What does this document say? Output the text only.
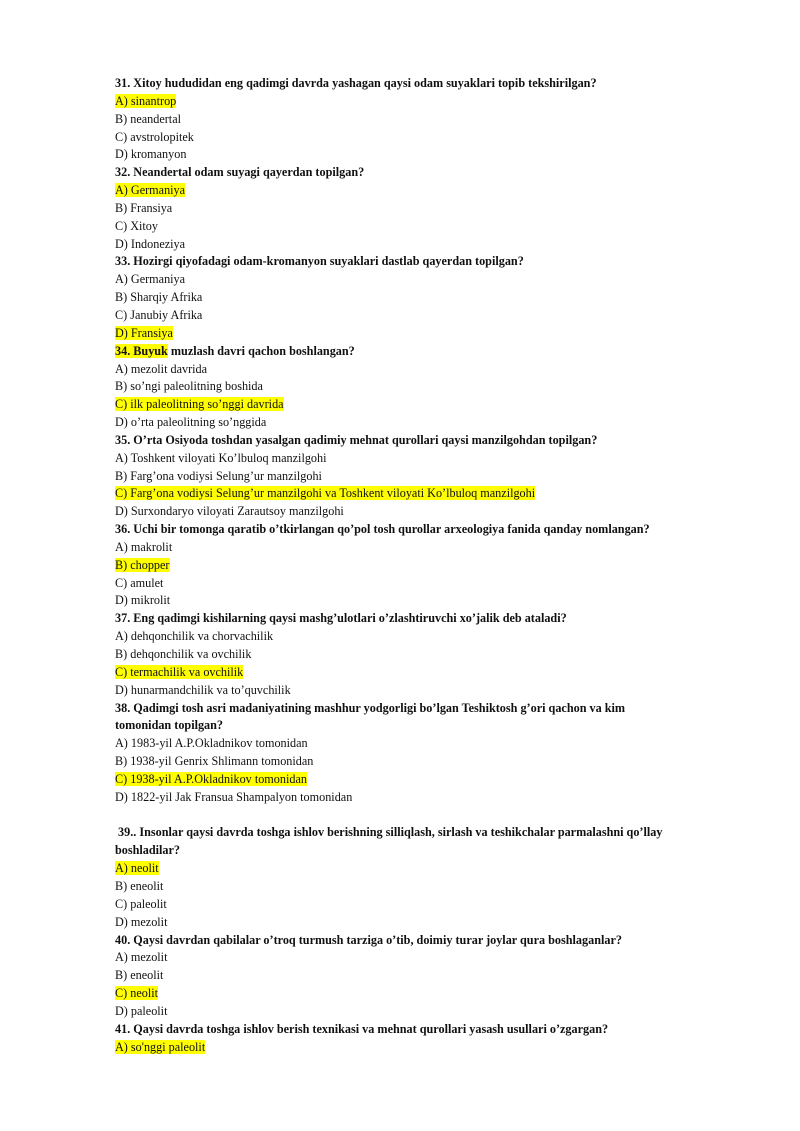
31. Xitoy hududidan eng qadimgi davrda yashagan qaysi odam suyaklari topib tekshirilgan?
A) sinantrop
B) neandertal
C) avstrolopitek
D) kromanyon
32. Neandertal odam suyagi qayerdan topilgan?
A) Germaniya
B) Fransiya
C) Xitoy
D) Indoneziya
33. Hozirgi qiyofadagi odam-kromanyon suyaklari dastlab qayerdan topilgan?
A) Germaniya
B) Sharqiy Afrika
C) Janubiy Afrika
D) Fransiya
34. Buyuk muzlash davri qachon boshlangan?
A) mezolit davrida
B) so’ngi paleolitning boshida
C) ilk paleolitning so’nggi davrida
D) o’rta paleolitning so’nggida
35. O’rta Osiyoda toshdan yasalgan qadimiy mehnat qurollari qaysi manzilgohdan topilgan?
A) Toshkent viloyati Ko’lbuloq manzilgohi
B) Farg’ona vodiysi Selung’ur manzilgohi
C) Farg’ona vodiysi Selung’ur manzilgohi va Toshkent viloyati Ko’lbuloq manzilgohi
D) Surxondaryo viloyati Zarautsoy manzilgohi
36. Uchi bir tomonga qaratib o’tkirlangan qo’pol tosh qurollar arxeologiya fanida qanday nomlangan?
A) makrolit
B) chopper
C) amulet
D) mikrolit
37. Eng qadimgi kishilarning qaysi mashg’ulotlari o’zlashtiruvchi xo’jalik deb ataladi?
A) dehqonchilik va chorvachilik
B) dehqonchilik va ovchilik
C) termachilik va ovchilik
D) hunarmandchilik va to’quvchilik
38. Qadimgi tosh asri madaniyatining mashhur yodgorligi bo’lgan Teshiktosh g’ori qachon va kim
tomonidan topilgan?
A) 1983-yil A.P.Okladnikov tomonidan
B) 1938-yil Genrix Shlimann tomonidan
C) 1938-yil A.P.Okladnikov tomonidan
D) 1822-yil Jak Fransua Shampalyon tomonidan
39.. Insonlar qaysi davrda toshga ishlov berishning silliqlash, sirlash va teshikchalar parmalashni qo’llay
boshladilar?
A) neolit
B) eneolit
C) paleolit
D) mezolit
40. Qaysi davrdan qabilalar o’troq turmush tarziga o’tib, doimiy turar joylar qura boshlaganlar?
A) mezolit
B) eneolit
C) neolit
D) paleolit
41. Qaysi davrda toshga ishlov berish texnikasi va mehnat qurollari yasash usullari o’zgargan?
A) so'nggi paleolit
